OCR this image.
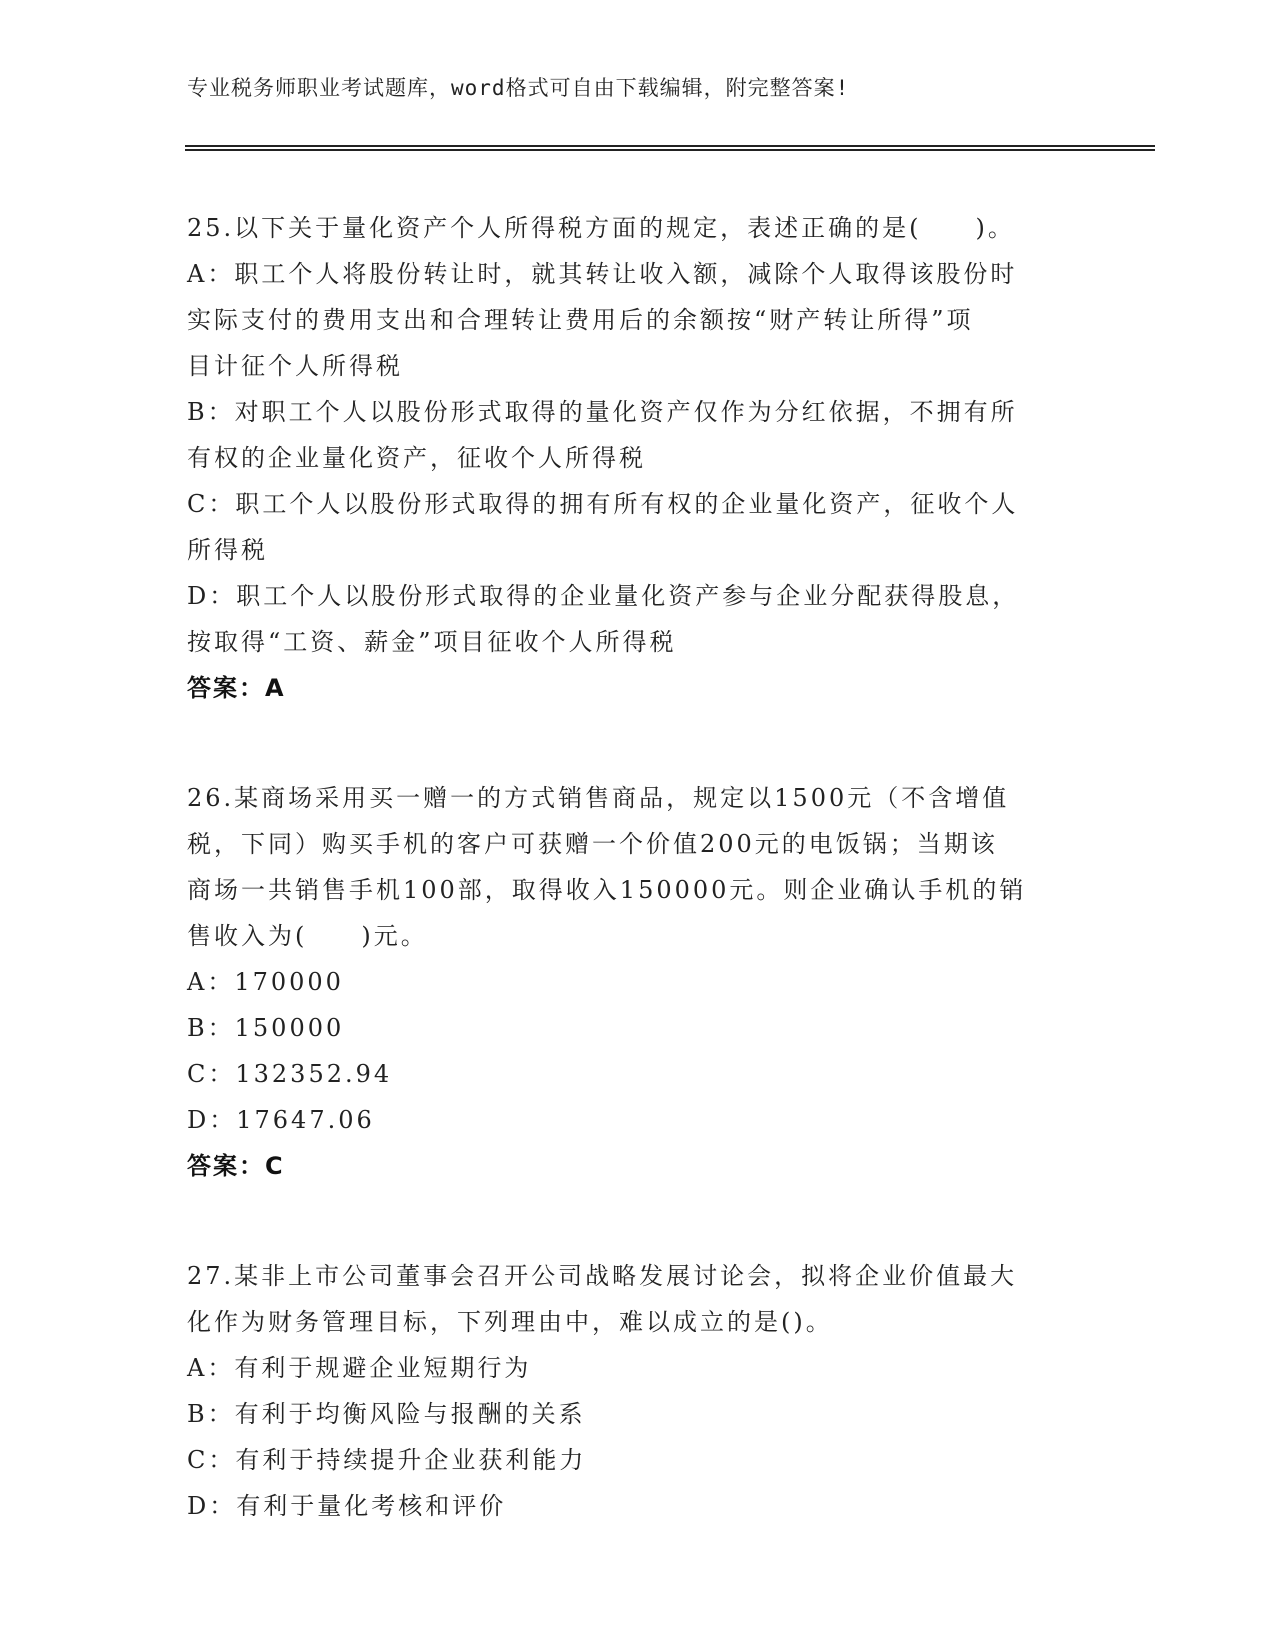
专业税务师职业考试题库，word格式可自由下载编辑，附完整答案!
25.以下关于量化资产个人所得税方面的规定，表述正确的是(　　)。
A：职工个人将股份转让时，就其转让收入额，减除个人取得该股份时
实际支付的费用支出和合理转让费用后的余额按“财产转让所得”项
目计征个人所得税
B：对职工个人以股份形式取得的量化资产仅作为分红依据，不拥有所
有权的企业量化资产，征收个人所得税
C：职工个人以股份形式取得的拥有所有权的企业量化资产，征收个人
所得税
D：职工个人以股份形式取得的企业量化资产参与企业分配获得股息，
按取得“工资、薪金”项目征收个人所得税
答案：A
26.某商场采用买一赠一的方式销售商品，规定以1500元（不含增值
税，下同）购买手机的客户可获赠一个价值200元的电饭锅；当期该
商场一共销售手机100部，取得收入150000元。则企业确认手机的销
售收入为(　　)元。
A：170000
B：150000
C：132352.94
D：17647.06
答案：C
27.某非上市公司董事会召开公司战略发展讨论会，拟将企业价值最大
化作为财务管理目标，下列理由中，难以成立的是()。
A：有利于规避企业短期行为
B：有利于均衡风险与报酬的关系
C：有利于持续提升企业获利能力
D：有利于量化考核和评价
